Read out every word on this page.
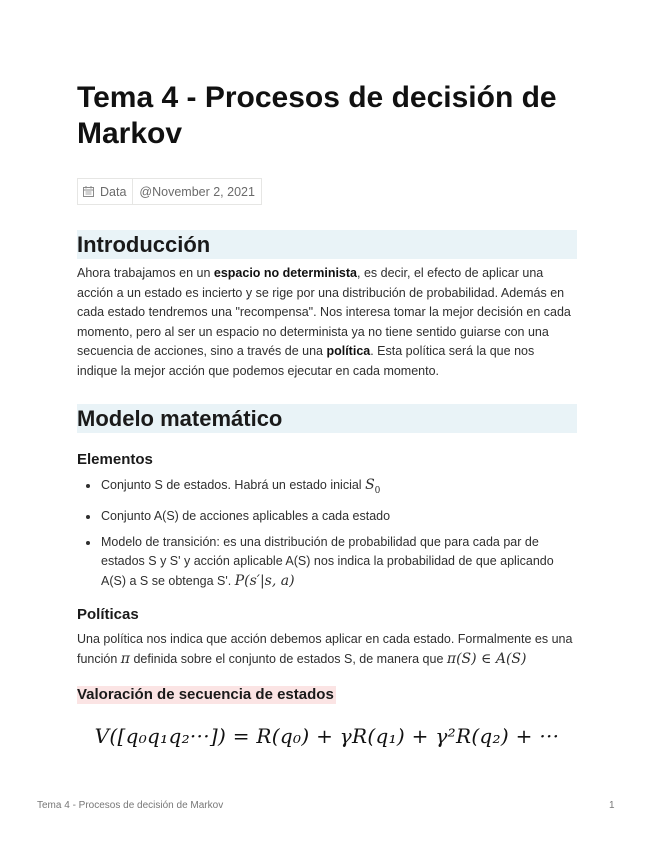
Tema 4 - Procesos de decisión de Markov
Data	@November 2, 2021
Introducción

Ahora trabajamos en un espacio no determinista, es decir, el efecto de aplicar una acción a un estado es incierto y se rige por una distribución de probabilidad. Además en cada estado tendremos una "recompensa". Nos interesa tomar la mejor decisión en cada momento, pero al ser un espacio no determinista ya no tiene sentido guiarse con una secuencia de acciones, sino a través de una política. Esta política será la que nos indique la mejor acción que podemos ejecutar en cada momento.

Modelo matemático
Elementos
Conjunto S de estados. Habrá un estado inicial $S_0$
Conjunto A(S) de acciones aplicables a cada estado
Modelo de transición: es una distribución de probabilidad que para cada par de estados S y S' y acción aplicable A(S) nos indica la probabilidad de que aplicando A(S) a S se obtenga S'. P(s′|s, a)
Políticas

Una política nos indica que acción debemos aplicar en cada estado. Formalmente es una función π definida sobre el conjunto de estados S, de manera que π(S) ∈ A(S)

Valoración de secuencia de estados
V([q₀q₁q₂···]) = R(q₀) + γR(q₁) + γ²R(q₂) + ···
Tema 4 - Procesos de decisión de Markov	1
